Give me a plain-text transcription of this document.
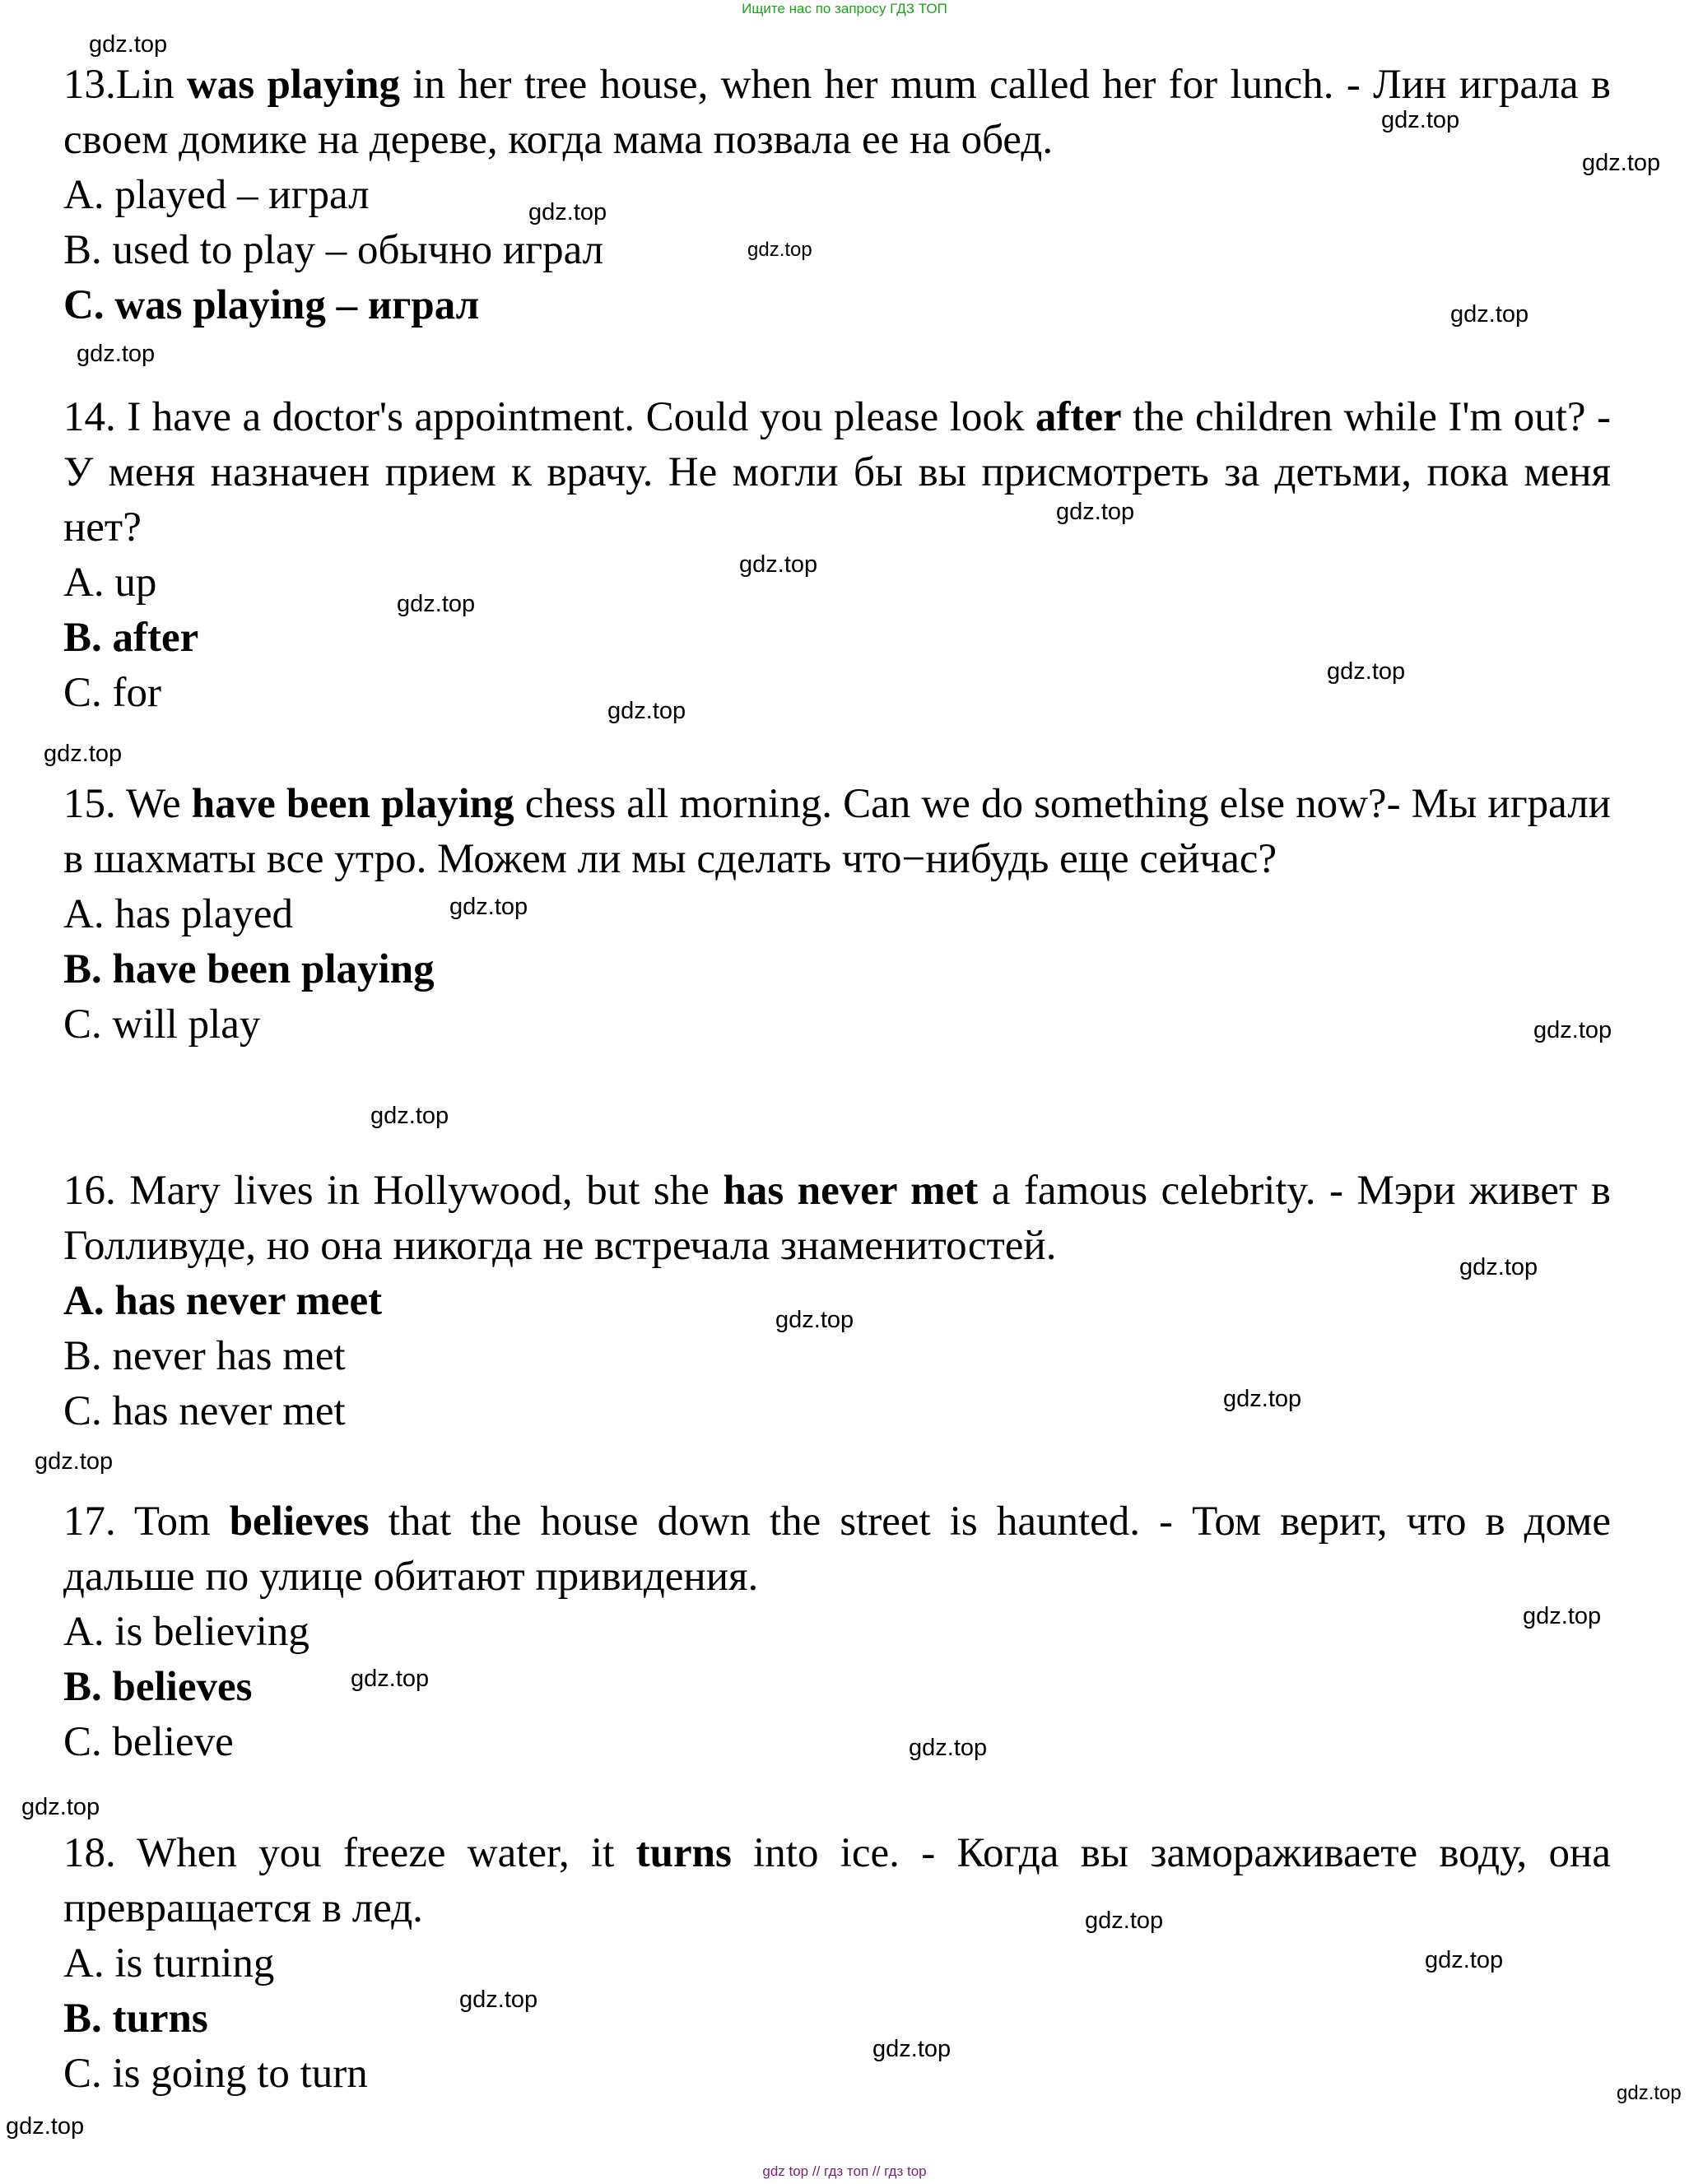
Ищите нас по запросу ГДЗ ТОП

13.Lin was playing in her tree house, when her mum called her for lunch. - Лин играла в своем домике на дереве, когда мама позвала ее на обед.

A. played – играл

B. used to play – обычно играл

C. was playing – играл

14. I have a doctor's appointment. Could you please look after the children while I'm out? - У меня назначен прием к врачу. Не могли бы вы присмотреть за детьми, пока меня нет?

A. up

B. after

C. for

15. We have been playing chess all morning. Can we do something else now?- Мы играли в шахматы все утро. Можем ли мы сделать что−нибудь еще сейчас?

A. has played

B. have been playing

C. will play

16. Mary lives in Hollywood, but she has never met a famous celebrity. - Мэри живет в Голливуде, но она никогда не встречала знаменитостей.

A. has never meet

B. never has met

C. has never met

17. Tom believes that the house down the street is haunted. - Том верит, что в доме дальше по улице обитают привидения.

A. is believing

B. believes

C. believe

18. When you freeze water, it turns into ice. - Когда вы замораживаете воду, она превращается в лед.

A. is turning

B. turns

C. is going to turn

gdz.top
gdz.top
gdz.top
gdz.top
gdz.top
gdz.top
gdz.top
gdz.top
gdz.top
gdz.top
gdz.top
gdz.top
gdz.top
gdz.top
gdz.top
gdz.top
gdz.top
gdz.top
gdz.top
gdz.top
gdz.top
gdz.top
gdz.top
gdz.top
gdz.top
gdz.top
gdz.top
gdz.top
gdz.top
gdz.top
gdz top // гдз топ // гдз top
